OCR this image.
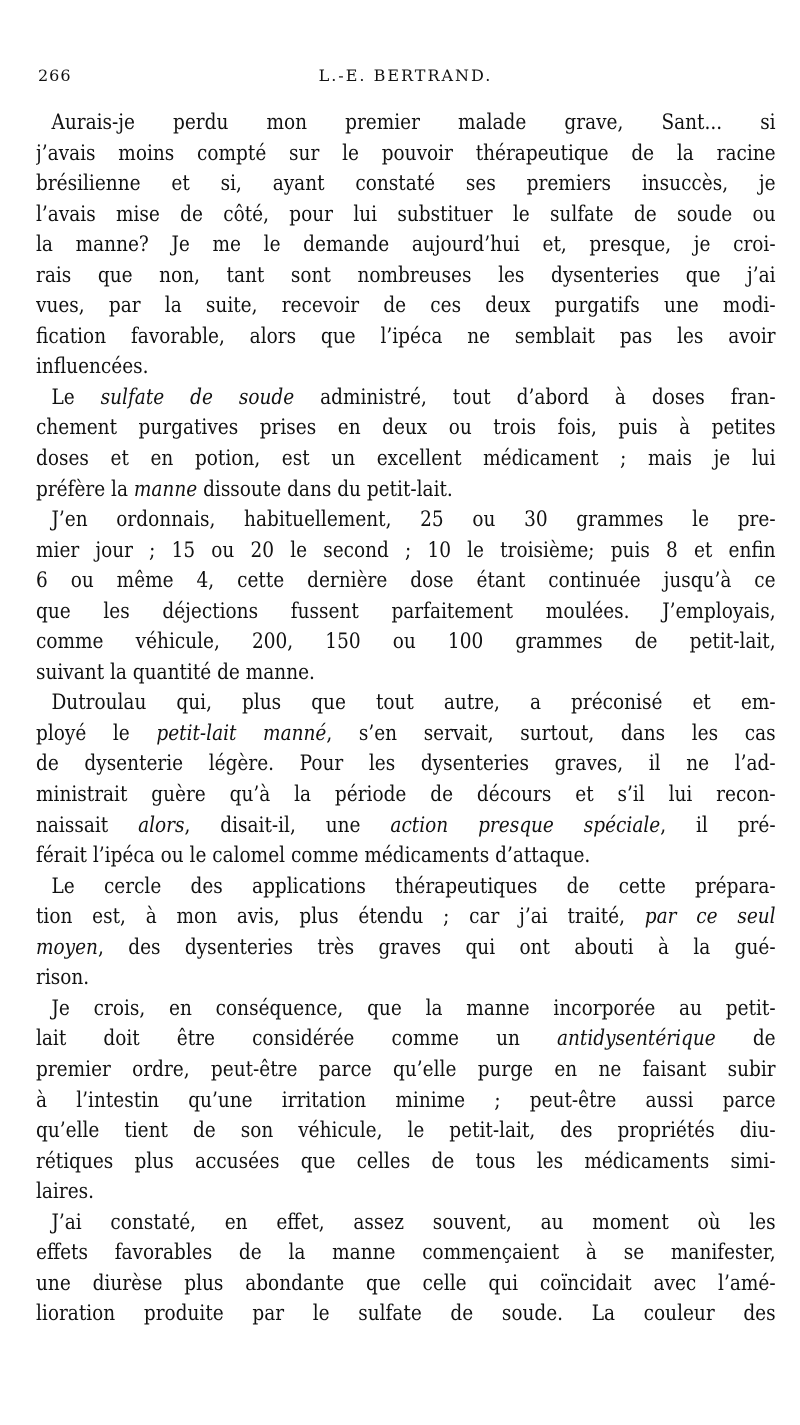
266	L.-E. BERTRAND.
Aurais-je perdu mon premier malade grave, Sant... si
j’avais moins compté sur le pouvoir thérapeutique de la racine
brésilienne et si, ayant constaté ses premiers insuccès, je
l’avais mise de côté, pour lui substituer le sulfate de soude ou
la manne? Je me le demande aujourd’hui et, presque, je croi-
rais que non, tant sont nombreuses les dysenteries que j’ai
vues, par la suite, recevoir de ces deux purgatifs une modi-
fication favorable, alors que l’ipéca ne semblait pas les avoir
influencées.
Le sulfate de soude administré, tout d’abord à doses fran-
chement purgatives prises en deux ou trois fois, puis à petites
doses et en potion, est un excellent médicament ; mais je lui
préfère la manne dissoute dans du petit-lait.
J’en ordonnais, habituellement, 25 ou 30 grammes le pre-
mier jour ; 15 ou 20 le second ; 10 le troisième; puis 8 et enfin
6 ou même 4, cette dernière dose étant continuée jusqu’à ce
que les déjections fussent parfaitement moulées. J’employais,
comme véhicule, 200, 150 ou 100 grammes de petit-lait,
suivant la quantité de manne.
Dutroulau qui, plus que tout autre, a préconisé et em-
ployé le petit-lait manné, s’en servait, surtout, dans les cas
de dysenterie légère. Pour les dysenteries graves, il ne l’ad-
ministrait guère qu’à la période de décours et s’il lui recon-
naissait alors, disait-il, une action presque spéciale, il pré-
férait l’ipéca ou le calomel comme médicaments d’attaque.
Le cercle des applications thérapeutiques de cette prépara-
tion est, à mon avis, plus étendu ; car j’ai traité, par ce seul
moyen, des dysenteries très graves qui ont abouti à la gué-
rison.
Je crois, en conséquence, que la manne incorporée au petit-
lait doit être considérée comme un antidysentérique de
premier ordre, peut-être parce qu’elle purge en ne faisant subir
à l’intestin qu’une irritation minime ; peut-être aussi parce
qu’elle tient de son véhicule, le petit-lait, des propriétés diu-
rétiques plus accusées que celles de tous les médicaments simi-
laires.
J’ai constaté, en effet, assez souvent, au moment où les
effets favorables de la manne commençaient à se manifester,
une diurèse plus abondante que celle qui coïncidait avec l’amé-
lioration produite par le sulfate de soude. La couleur des
